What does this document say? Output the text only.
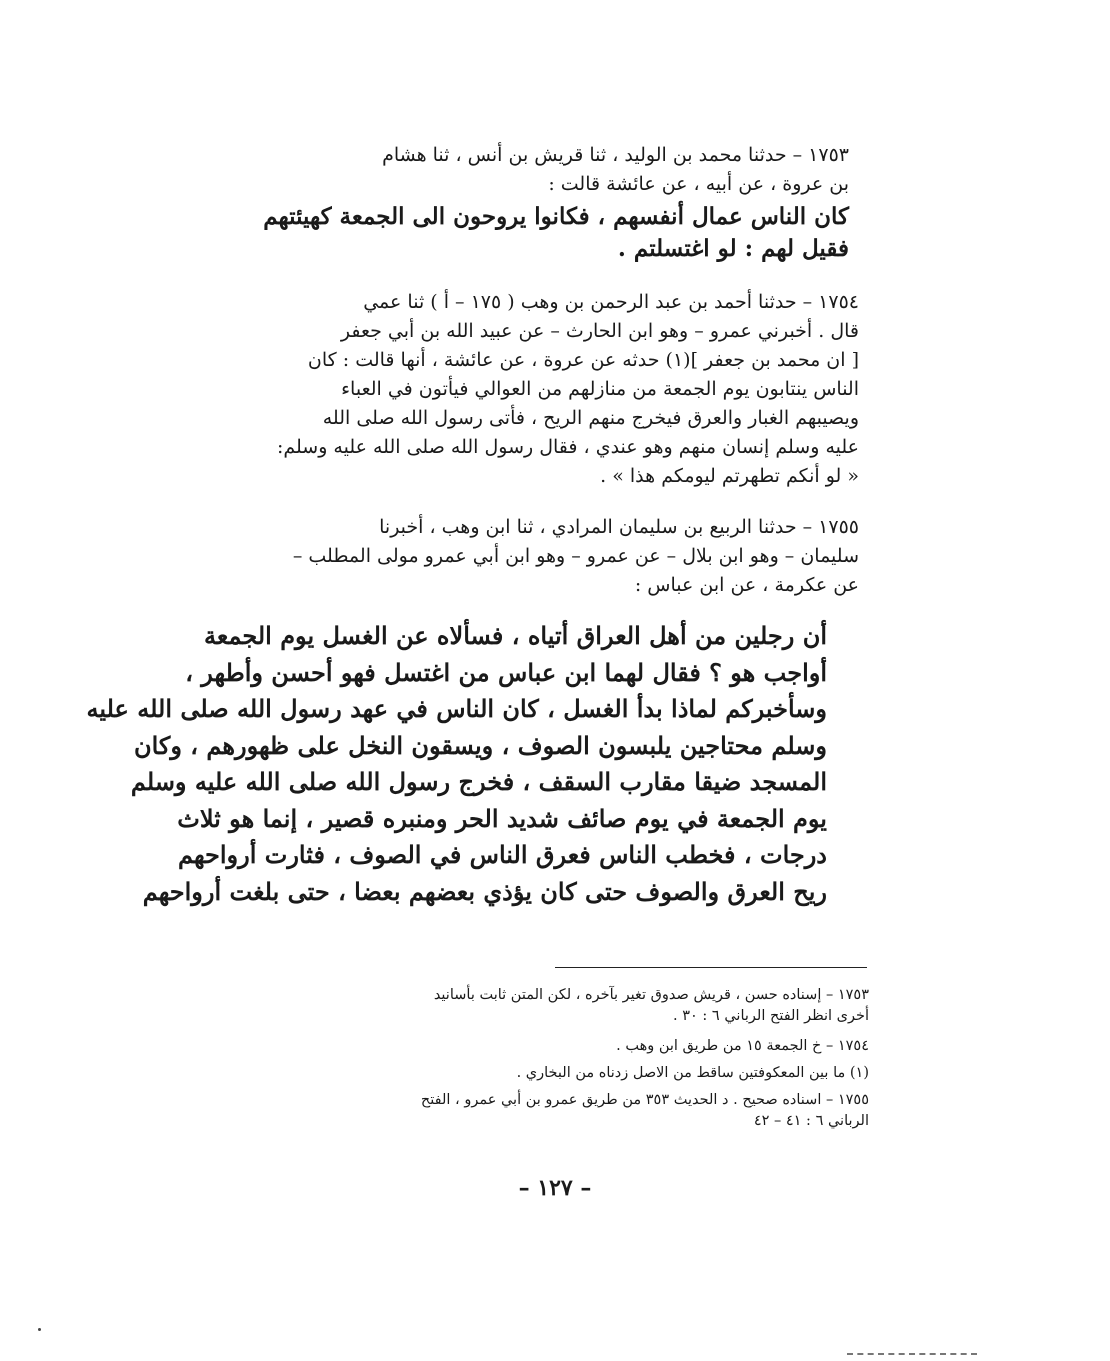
١٧٥٣ – حدثنا محمد بن الوليد ، ثنا قريش بن أنس ، ثنا هشام
بن عروة ، عن أبيه ، عن عائشة قالت :
كان الناس عمال أنفسهم ، فكانوا يروحون الى الجمعة كهيئتهم
فقيل لهم : لو اغتسلتم .
١٧٥٤ – حدثنا أحمد بن عبد الرحمن بن وهب ( ١٧٥ – أ ) ثنا عمي
قال . أخبرني عمرو – وهو ابن الحارث – عن عبيد الله بن أبي جعفر
[ ان محمد بن جعفر ](١) حدثه عن عروة ، عن عائشة ، أنها قالت : كان
الناس ينتابون يوم الجمعة من منازلهم من العوالي فيأتون في العباء
ويصيبهم الغبار والعرق فيخرج منهم الريح ، فأتى رسول الله صلى الله
عليه وسلم إنسان منهم وهو عندي ، فقال رسول الله صلى الله عليه وسلم:
« لو أنكم تطهرتم ليومكم هذا » .
١٧٥٥ – حدثنا الربيع بن سليمان المرادي ، ثنا ابن وهب ، أخبرنا
سليمان – وهو ابن بلال – عن عمرو – وهو ابن أبي عمرو مولى المطلب –
عن عكرمة ، عن ابن عباس :
أن رجلين من أهل العراق أتياه ، فسألاه عن الغسل يوم الجمعة
أواجب هو ؟ فقال لهما ابن عباس من اغتسل فهو أحسن وأطهر ،
وسأخبركم لماذا بدأ الغسل ، كان الناس في عهد رسول الله صلى الله عليه
وسلم محتاجين يلبسون الصوف ، ويسقون النخل على ظهورهم ، وكان
المسجد ضيقا مقارب السقف ، فخرج رسول الله صلى الله عليه وسلم
يوم الجمعة في يوم صائف شديد الحر ومنبره قصير ، إنما هو ثلاث
درجات ، فخطب الناس فعرق الناس في الصوف ، فثارت أرواحهم
ريح العرق والصوف حتى كان يؤذي بعضهم بعضا ، حتى بلغت أرواحهم
١٧٥٣ – إسناده حسن ، قريش صدوق تغير بآخره ، لكن المتن ثابت بأسانيد
أخرى انظر الفتح الرباني ٦ : ٣٠ .
١٧٥٤ – خ الجمعة ١٥ من طريق ابن وهب .
(١) ما بين المعكوفتين ساقط من الاصل زدناه من البخاري .
١٧٥٥ – اسناده صحيح . د الحديث ٣٥٣ من طريق عمرو بن أبي عمرو ، الفتح
الرباني ٦ : ٤١ – ٤٢
– ١٢٧ –
